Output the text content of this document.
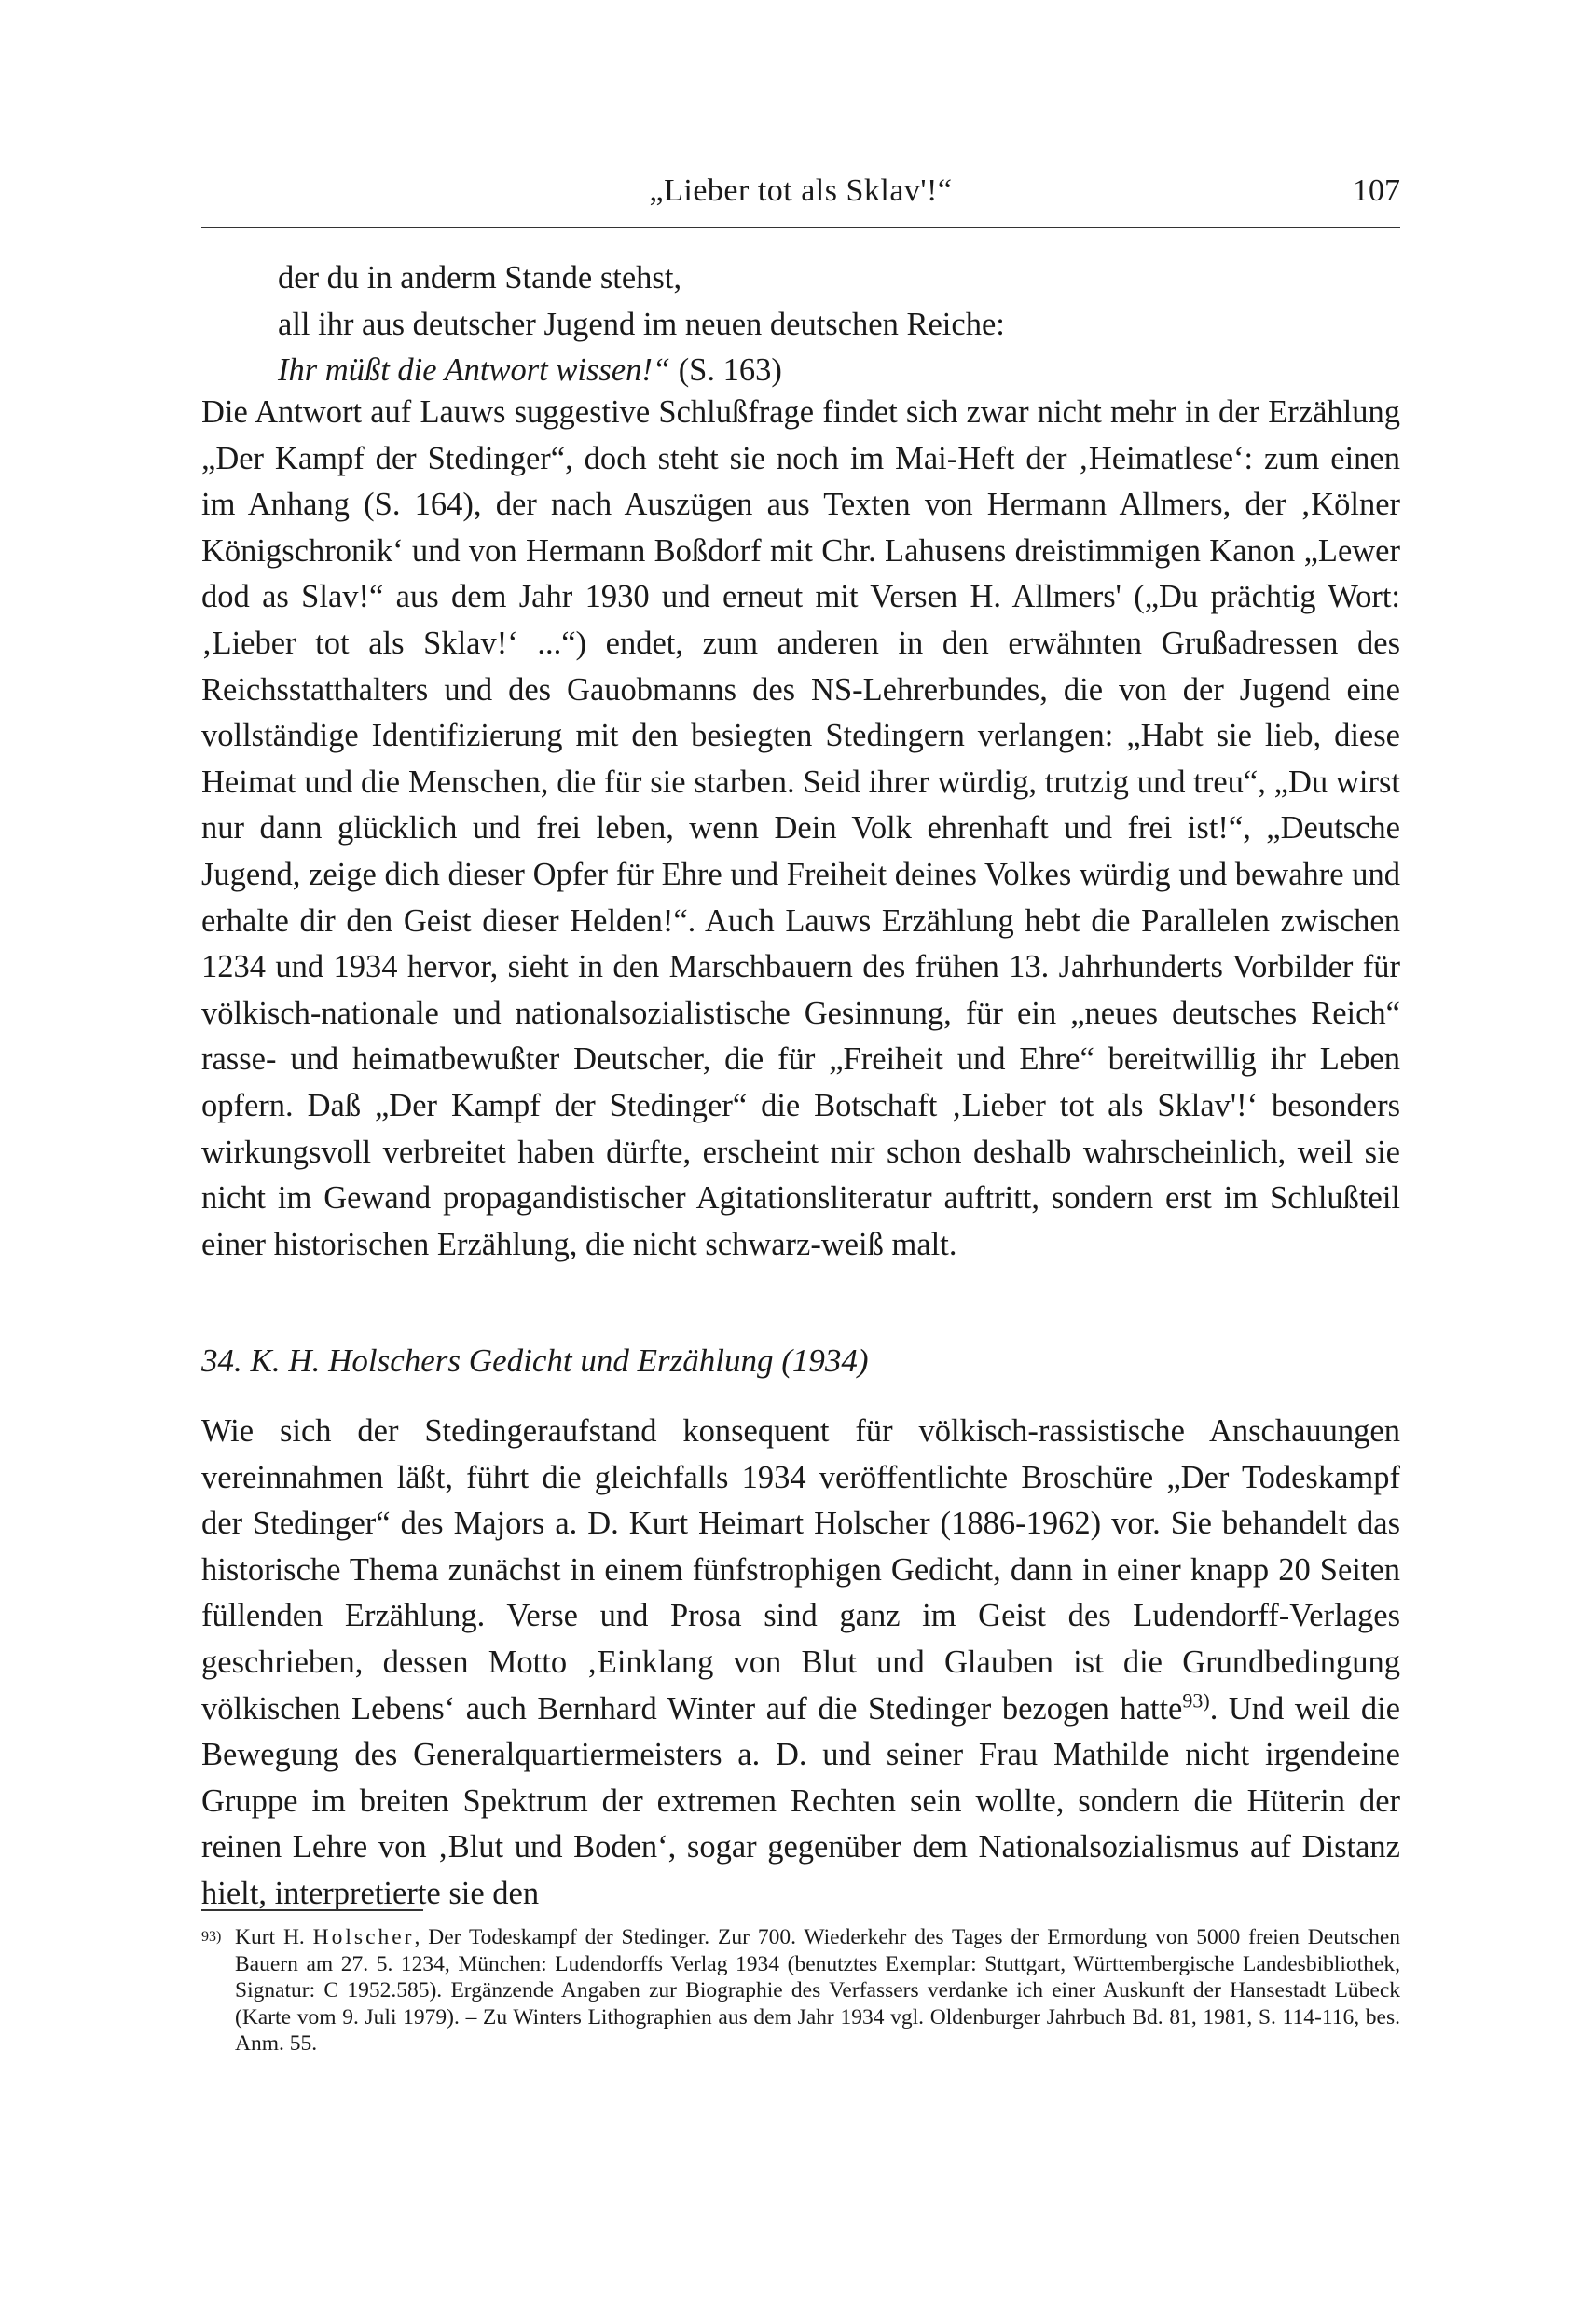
„Lieber tot als Sklav'!“	107
der du in anderm Stande stehst,
all ihr aus deutscher Jugend im neuen deutschen Reiche:
Ihr müßt die Antwort wissen!“ (S. 163)

Die Antwort auf Lauws suggestive Schlußfrage findet sich zwar nicht mehr in der Erzählung „Der Kampf der Stedinger“, doch steht sie noch im Mai-Heft der ‚Heimatlese‘: zum einen im Anhang (S. 164), der nach Auszügen aus Texten von Hermann Allmers, der ‚Kölner Königschronik‘ und von Hermann Boßdorf mit Chr. Lahusens dreistimmigen Kanon „Lewer dod as Slav!“ aus dem Jahr 1930 und erneut mit Versen H. Allmers' („Du prächtig Wort: ‚Lieber tot als Sklav!‘ ...“) endet, zum anderen in den erwähnten Grußadressen des Reichsstatthalters und des Gauobmanns des NS-Lehrerbundes, die von der Jugend eine vollständige Identifizierung mit den besiegten Stedingern verlangen: „Habt sie lieb, diese Heimat und die Menschen, die für sie starben. Seid ihrer würdig, trutzig und treu“, „Du wirst nur dann glücklich und frei leben, wenn Dein Volk ehrenhaft und frei ist!“, „Deutsche Jugend, zeige dich dieser Opfer für Ehre und Freiheit deines Volkes würdig und bewahre und erhalte dir den Geist dieser Helden!“. Auch Lauws Erzählung hebt die Parallelen zwischen 1234 und 1934 hervor, sieht in den Marschbauern des frühen 13. Jahrhunderts Vorbilder für völkisch-nationale und nationalsozialistische Gesinnung, für ein „neues deutsches Reich“ rasse- und heimatbewußter Deutscher, die für „Freiheit und Ehre“ bereitwillig ihr Leben opfern. Daß „Der Kampf der Stedinger“ die Botschaft ‚Lieber tot als Sklav'!‘ besonders wirkungsvoll verbreitet haben dürfte, erscheint mir schon deshalb wahrscheinlich, weil sie nicht im Gewand propagandistischer Agitationsliteratur auftritt, sondern erst im Schlußteil einer historischen Erzählung, die nicht schwarz-weiß malt.

34. K. H. Holschers Gedicht und Erzählung (1934)

Wie sich der Stedingeraufstand konsequent für völkisch-rassistische Anschauungen vereinnahmen läßt, führt die gleichfalls 1934 veröffentlichte Broschüre „Der Todeskampf der Stedinger“ des Majors a. D. Kurt Heimart Holscher (1886-1962) vor. Sie behandelt das historische Thema zunächst in einem fünfstrophigen Gedicht, dann in einer knapp 20 Seiten füllenden Erzählung. Verse und Prosa sind ganz im Geist des Ludendorff-Verlages geschrieben, dessen Motto ‚Einklang von Blut und Glauben ist die Grundbedingung völkischen Lebens‘ auch Bernhard Winter auf die Stedinger bezogen hatte$^{93)}$. Und weil die Bewegung des Generalquartiermeisters a. D. und seiner Frau Mathilde nicht irgendeine Gruppe im breiten Spektrum der extremen Rechten sein wollte, sondern die Hüterin der reinen Lehre von ‚Blut und Boden‘, sogar gegenüber dem Nationalsozialismus auf Distanz hielt, interpretierte sie den

93) Kurt H. Holscher, Der Todeskampf der Stedinger. Zur 700. Wiederkehr des Tages der Ermordung von 5000 freien Deutschen Bauern am 27. 5. 1234, München: Ludendorffs Verlag 1934 (benutztes Exemplar: Stuttgart, Württembergische Landesbibliothek, Signatur: C 1952.585). Ergänzende Angaben zur Biographie des Verfassers verdanke ich einer Auskunft der Hansestadt Lübeck (Karte vom 9. Juli 1979). – Zu Winters Lithographien aus dem Jahr 1934 vgl. Oldenburger Jahrbuch Bd. 81, 1981, S. 114-116, bes. Anm. 55.
